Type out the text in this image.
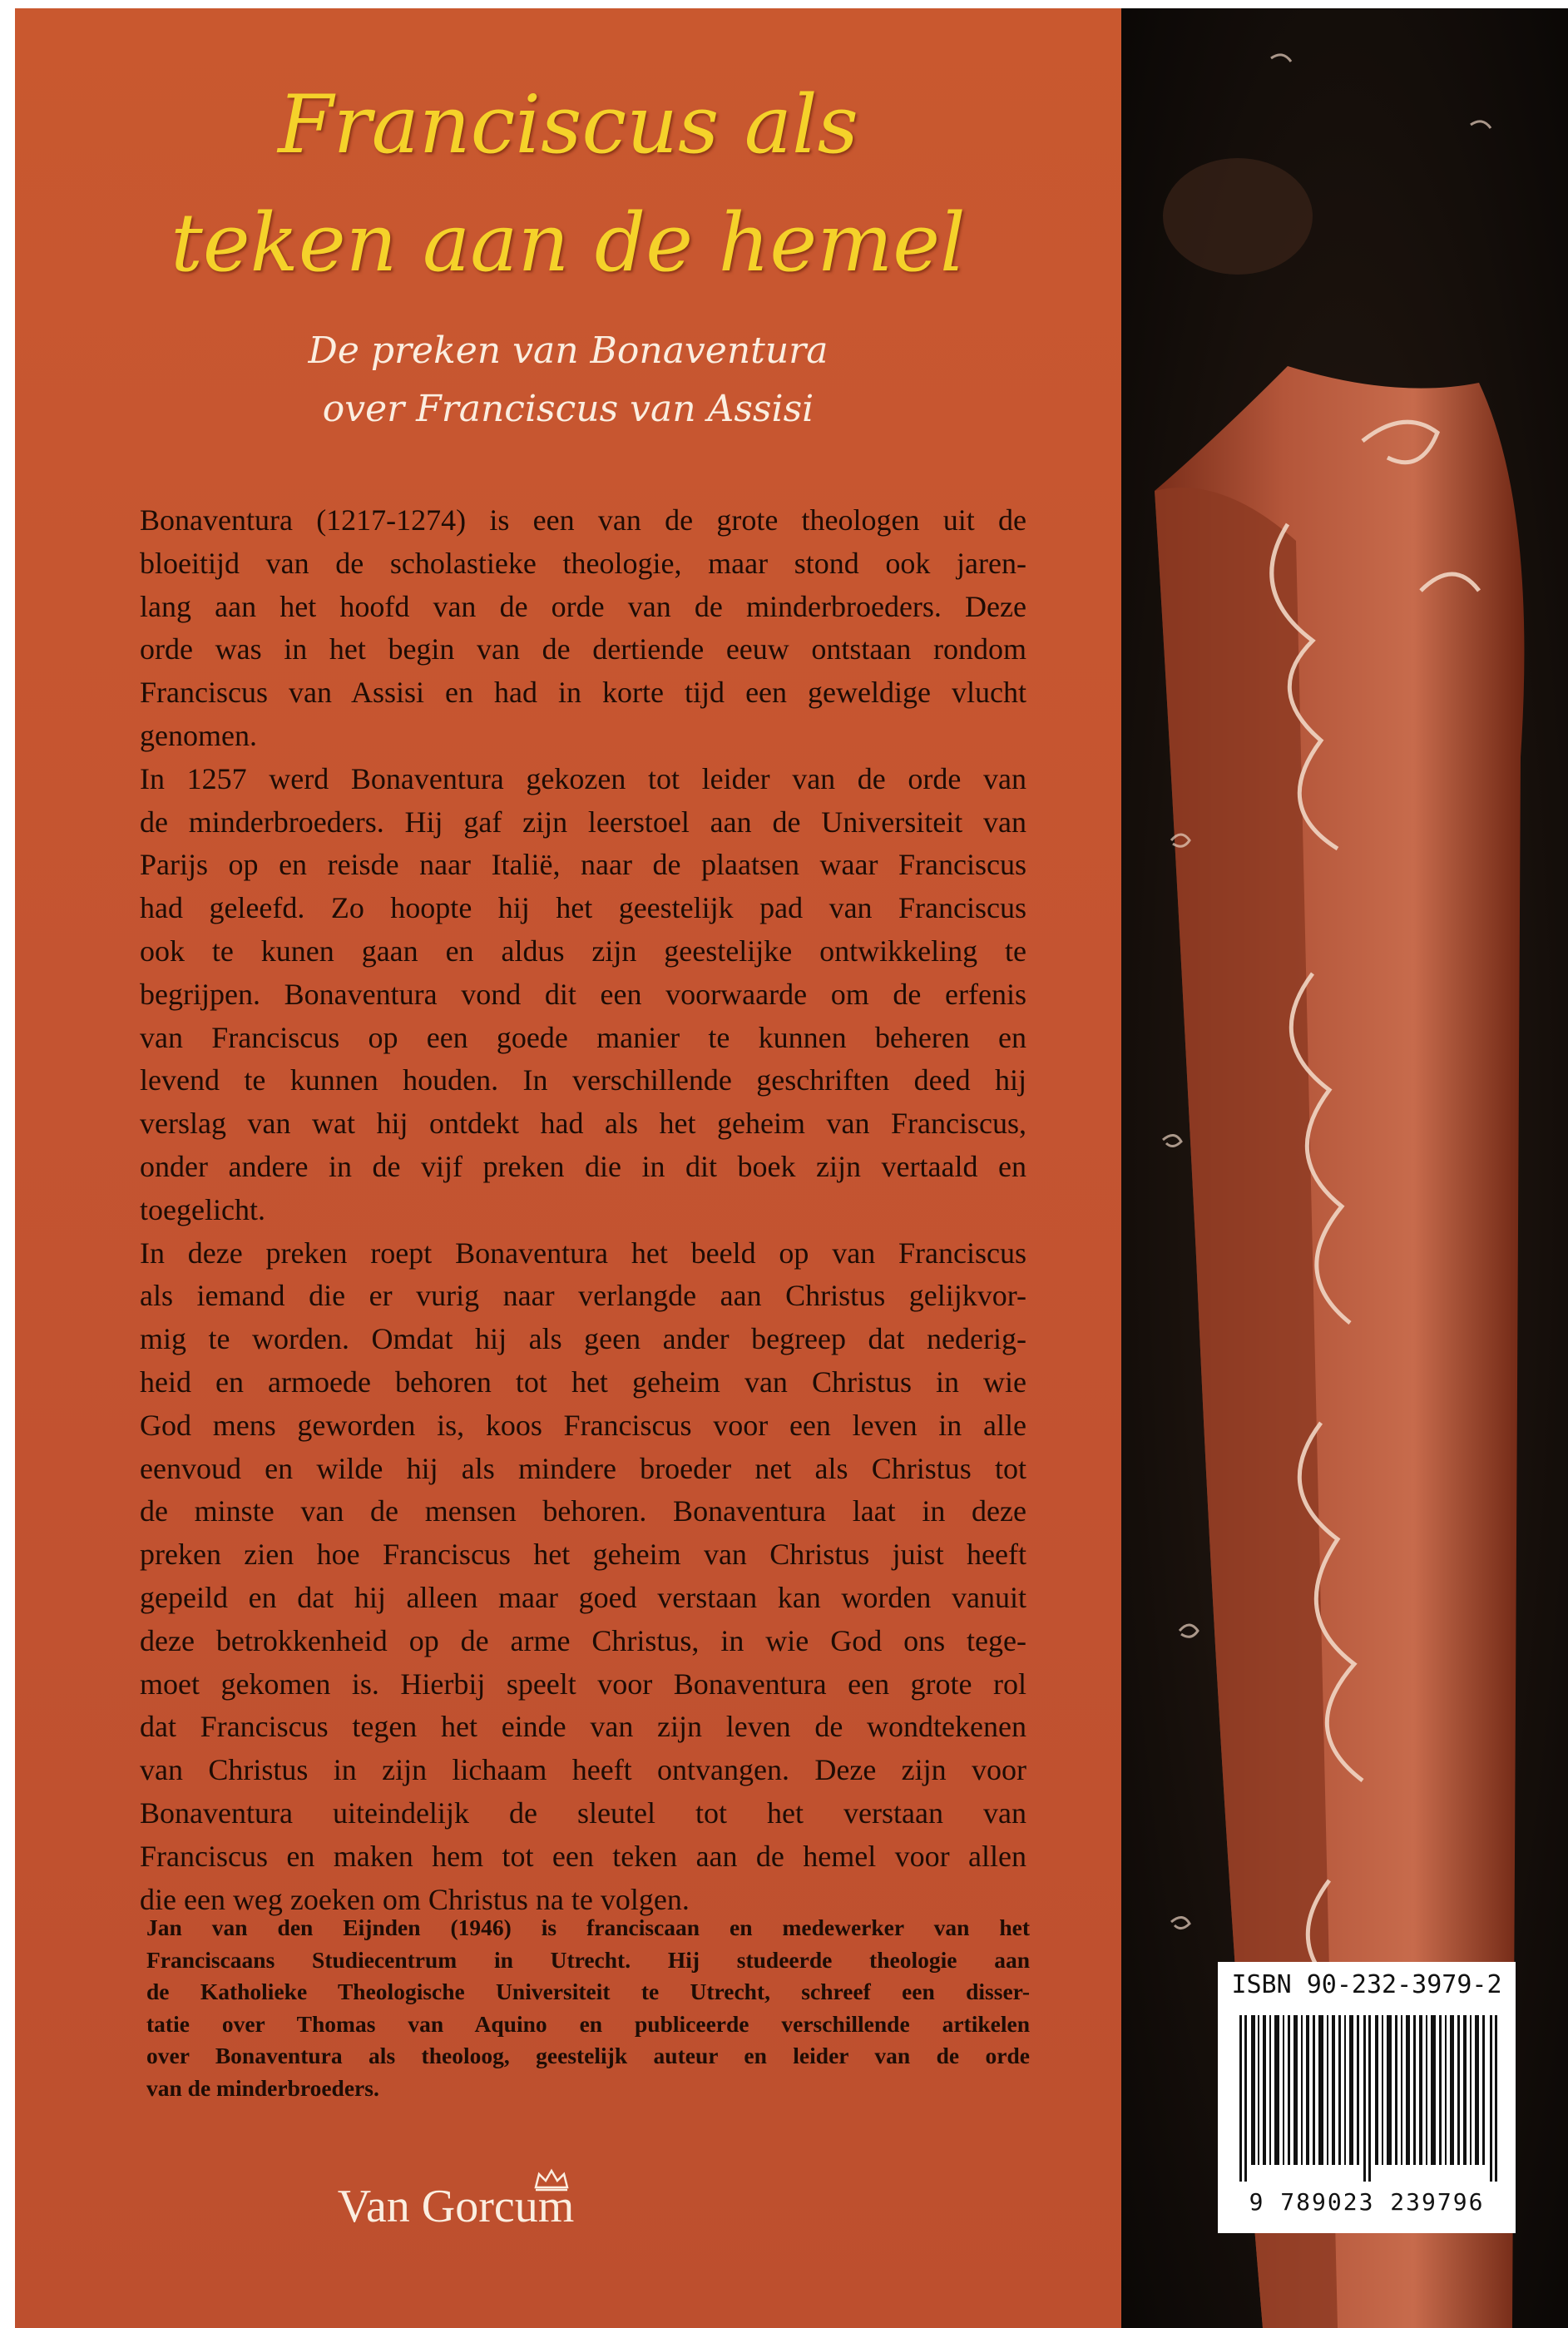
Franciscus als
teken aan de hemel
De preken van Bonaventura
over Franciscus van Assisi
Bonaventura (1217-1274) is een van de grote theologen uit de
bloeitijd van de scholastieke theologie, maar stond ook jaren-
lang aan het hoofd van de orde van de minderbroeders. Deze
orde was in het begin van de dertiende eeuw ontstaan rondom
Franciscus van Assisi en had in korte tijd een geweldige vlucht
genomen.
In 1257 werd Bonaventura gekozen tot leider van de orde van
de minderbroeders. Hij gaf zijn leerstoel aan de Universiteit van
Parijs op en reisde naar Italië, naar de plaatsen waar Franciscus
had geleefd. Zo hoopte hij het geestelijk pad van Franciscus
ook te kunen gaan en aldus zijn geestelijke ontwikkeling te
begrijpen. Bonaventura vond dit een voorwaarde om de erfenis
van Franciscus op een goede manier te kunnen beheren en
levend te kunnen houden. In verschillende geschriften deed hij
verslag van wat hij ontdekt had als het geheim van Franciscus,
onder andere in de vijf preken die in dit boek zijn vertaald en
toegelicht.
In deze preken roept Bonaventura het beeld op van Franciscus
als iemand die er vurig naar verlangde aan Christus gelijkvor-
mig te worden. Omdat hij als geen ander begreep dat nederig-
heid en armoede behoren tot het geheim van Christus in wie
God mens geworden is, koos Franciscus voor een leven in alle
eenvoud en wilde hij als mindere broeder net als Christus tot
de minste van de mensen behoren. Bonaventura laat in deze
preken zien hoe Franciscus het geheim van Christus juist heeft
gepeild en dat hij alleen maar goed verstaan kan worden vanuit
deze betrokkenheid op de arme Christus, in wie God ons tege-
moet gekomen is. Hierbij speelt voor Bonaventura een grote rol
dat Franciscus tegen het einde van zijn leven de wondtekenen
van Christus in zijn lichaam heeft ontvangen. Deze zijn voor
Bonaventura uiteindelijk de sleutel tot het verstaan van
Franciscus en maken hem tot een teken aan de hemel voor allen
die een weg zoeken om Christus na te volgen.
Jan van den Eijnden (1946) is franciscaan en medewerker van het
Franciscaans Studiecentrum in Utrecht. Hij studeerde theologie aan
de Katholieke Theologische Universiteit te Utrecht, schreef een disser-
tatie over Thomas van Aquino en publiceerde verschillende artikelen
over Bonaventura als theoloog, geestelijk auteur en leider van de orde
van de minderbroeders.
Van Gorcum
ISBN 90-232-3979-2
9 789023 239796
